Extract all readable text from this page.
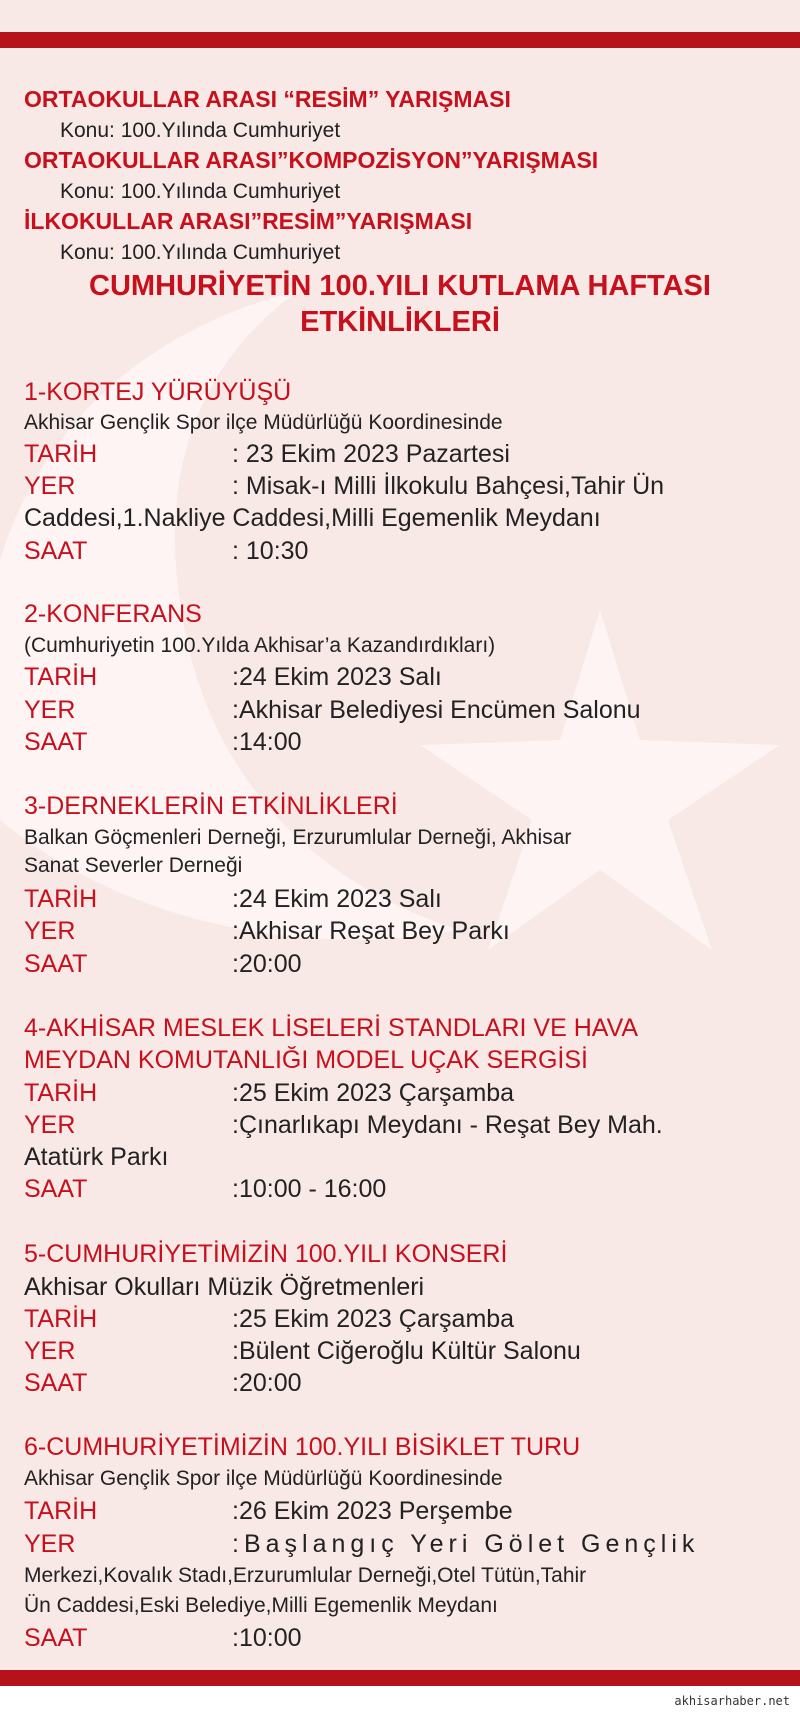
ORTAOKULLAR ARASI “RESİM” YARIŞMASI
Konu: 100.Yılında Cumhuriyet
ORTAOKULLAR ARASI”KOMPOZİSYON”YARIŞMASI
Konu: 100.Yılında Cumhuriyet
İLKOKULLAR ARASI”RESİM”YARIŞMASI
Konu: 100.Yılında Cumhuriyet
CUMHURİYETİN 100.YILI KUTLAMA HAFTASI
ETKİNLİKLERİ
1-KORTEJ YÜRÜYÜŞÜ
Akhisar Gençlik Spor ilçe Müdürlüğü Koordinesinde
TARİH	: 23 Ekim 2023 Pazartesi
YER	: Misak-ı Milli İlkokulu Bahçesi,Tahir Ün
Caddesi,1.Nakliye Caddesi,Milli Egemenlik Meydanı
SAAT	: 10:30
2-KONFERANS
(Cumhuriyetin 100.Yılda Akhisar’a Kazandırdıkları)
TARİH	:24 Ekim 2023 Salı
YER	:Akhisar Belediyesi Encümen Salonu
SAAT	:14:00
3-DERNEKLERİN ETKİNLİKLERİ
Balkan Göçmenleri Derneği, Erzurumlular Derneği, Akhisar
Sanat Severler Derneği
TARİH	:24 Ekim 2023 Salı
YER	:Akhisar Reşat Bey Parkı
SAAT	:20:00
4-AKHİSAR MESLEK LİSELERİ STANDLARI VE HAVA
MEYDAN KOMUTANLIĞI MODEL UÇAK SERGİSİ
TARİH	:25 Ekim 2023 Çarşamba
YER	:Çınarlıkapı Meydanı - Reşat Bey Mah.
Atatürk Parkı
SAAT	:10:00 - 16:00
5-CUMHURİYETİMİZİN 100.YILI KONSERİ
Akhisar Okulları Müzik Öğretmenleri
TARİH	:25 Ekim 2023 Çarşamba
YER	:Bülent Ciğeroğlu Kültür Salonu
SAAT	:20:00
6-CUMHURİYETİMİZİN 100.YILI BİSİKLET TURU
Akhisar Gençlik Spor ilçe Müdürlüğü Koordinesinde
TARİH	:26 Ekim 2023 Perşembe
YER	:Başlangıç Yeri Gölet Gençlik
Merkezi,Kovalık Stadı,Erzurumlular Derneği,Otel Tütün,Tahir
Ün Caddesi,Eski Belediye,Milli Egemenlik Meydanı
SAAT	:10:00
akhisarhaber.net
